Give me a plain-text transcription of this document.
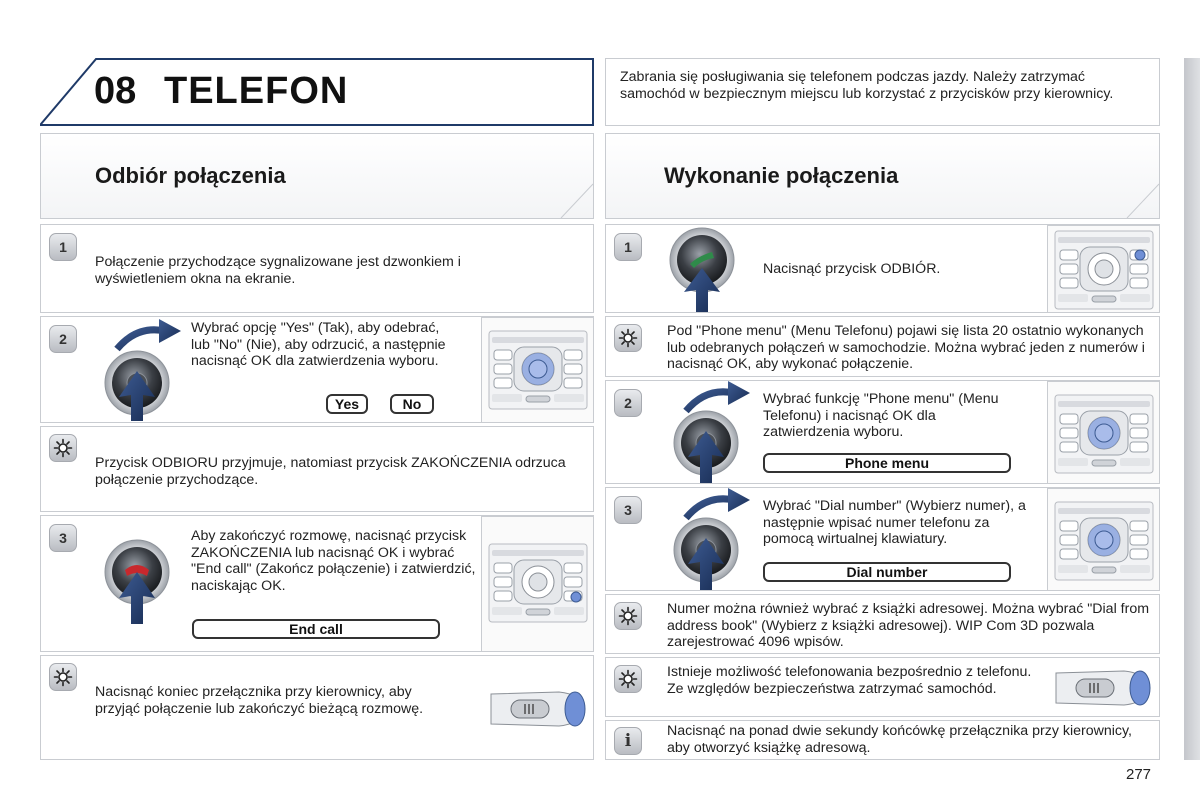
08 TELEFON	Zabrania się posługiwania się telefonem podczas jazdy. Należy zatrzymać samochód w bezpiecznym miejscu lub korzystać z przycisków przy kierownicy.
Odbiór połączenia
1
Połączenie przychodzące sygnalizowane jest dzwonkiem i wyświetleniem okna na ekranie.
2
Wybrać opcję "Yes" (Tak), aby odebrać, lub "No" (Nie), aby odrzucić, a następnie nacisnąć OK dla zatwierdzenia wyboru.
Yes	No
Przycisk ODBIORU przyjmuje, natomiast przycisk ZAKOŃCZENIA odrzuca połączenie przychodzące.
3	Aby zakończyć rozmowę, nacisnąć przycisk ZAKOŃCZENIA lub nacisnąć OK i wybrać "End call" (Zakończ połączenie) i zatwierdzić, naciskając OK.
End call
Nacisnąć koniec przełącznika przy kierownicy, aby przyjąć połączenie lub zakończyć bieżącą rozmowę.
Wykonanie połączenia
1
Nacisnąć przycisk ODBIÓR.
Pod "Phone menu" (Menu Telefonu) pojawi się lista 20 ostatnio wykonanych lub odebranych połączeń w samochodzie. Można wybrać jeden z numerów i nacisnąć OK, aby wykonać połączenie.
2	Wybrać funkcję "Phone menu" (Menu Telefonu) i nacisnąć OK dla zatwierdzenia wyboru.
Phone menu
3	Wybrać "Dial number" (Wybierz numer), a następnie wpisać numer telefonu za pomocą wirtualnej klawiatury.
Dial number
Numer można również wybrać z książki adresowej. Można wybrać "Dial from address book" (Wybierz z książki adresowej). WIP Com 3D pozwala zarejestrować 4096 wpisów.
Istnieje możliwość telefonowania bezpośrednio z telefonu. Ze względów bezpieczeństwa zatrzymać samochód.
i	Nacisnąć na ponad dwie sekundy końcówkę przełącznika przy kierownicy, aby otworzyć książkę adresową.
277
